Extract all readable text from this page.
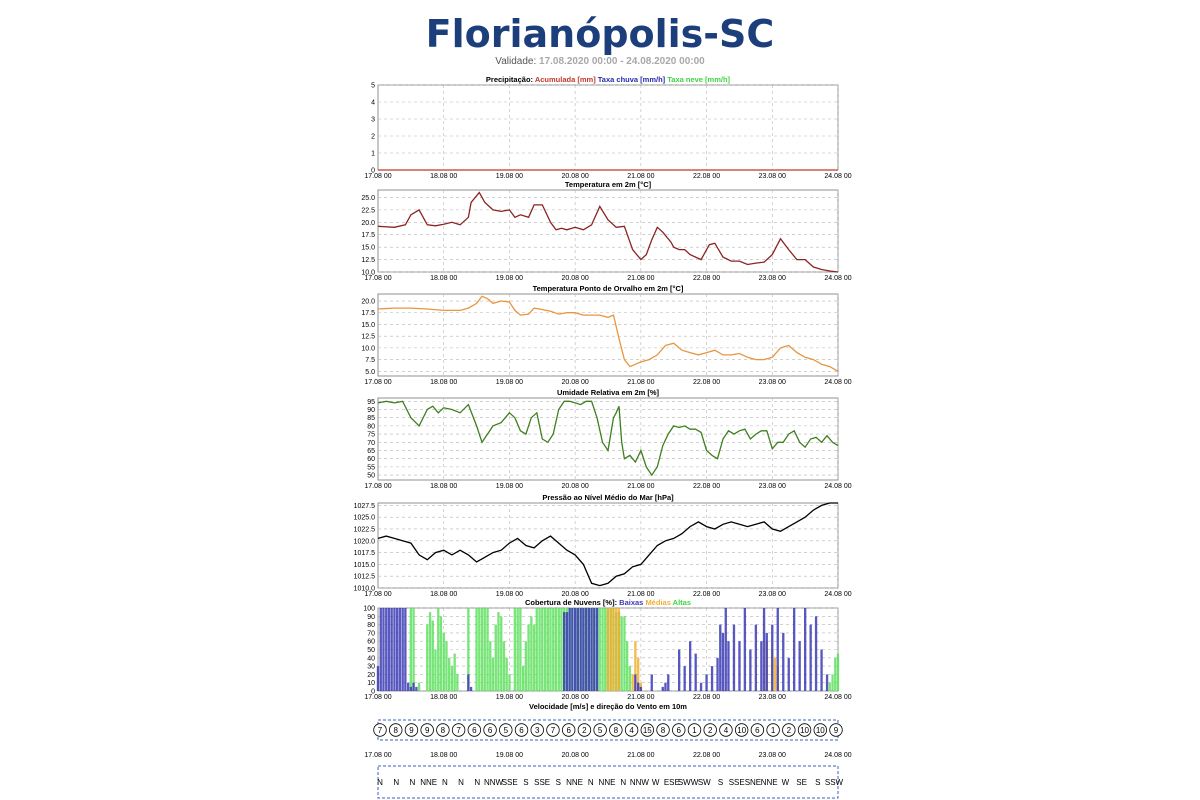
Florianópolis-SC
Validade: 17.08.2020 00:00 - 24.08.2020 00:00
0
1
2
3
4
5
17.08 00	18.08 00	19.08 00	20.08 00	21.08 00	22.08 00	23.08 00	24.08 00
Precipitação: Acumulada [mm] Taxa chuva [mm/h] Taxa neve [mm/h]
10.0
12.5
15.0
17.5
20.0
22.5
25.0
17.08 00	18.08 00	19.08 00	20.08 00	21.08 00	22.08 00	23.08 00	24.08 00
Temperatura em 2m [°C]
5.0
7.5
10.0
12.5
15.0
17.5
20.0
17.08 00	18.08 00	19.08 00	20.08 00	21.08 00	22.08 00	23.08 00	24.08 00
Temperatura Ponto de Orvalho em 2m [°C]
50
55
60
65
70
75
80
85
90
95
17.08 00	18.08 00	19.08 00	20.08 00	21.08 00	22.08 00	23.08 00	24.08 00
Umidade Relativa em 2m [%]
1010.0
1012.5
1015.0
1017.5
1020.0
1022.5
1025.0
1027.5
17.08 00	18.08 00	19.08 00	20.08 00	21.08 00	22.08 00	23.08 00	24.08 00
Pressão ao Nível Médio do Mar [hPa]
0
10
20
30
40
50
60
70
80
90
100
17.08 00	18.08 00	19.08 00	20.08 00	21.08 00	22.08 00	23.08 00	24.08 00
Cobertura de Nuvens [%]: Baixas Médias Altas
Velocidade [m/s] e direção do Vento em 10m
7 8 9 9 8 7 6 6 5 6 3 7 6 2 5 8 4 15 8 6 1 2 4 10 6 1 2 10 10 9
17.08 00	18.08 00	19.08 00	20.08 00	21.08 00	22.08 00	23.08 00	24.08 00
N N N NNE N N N NNW
SSE S SSE S NNE N NNE N NNW W ESE
SWW SW S SSE SNE NNE W SE S SSW
